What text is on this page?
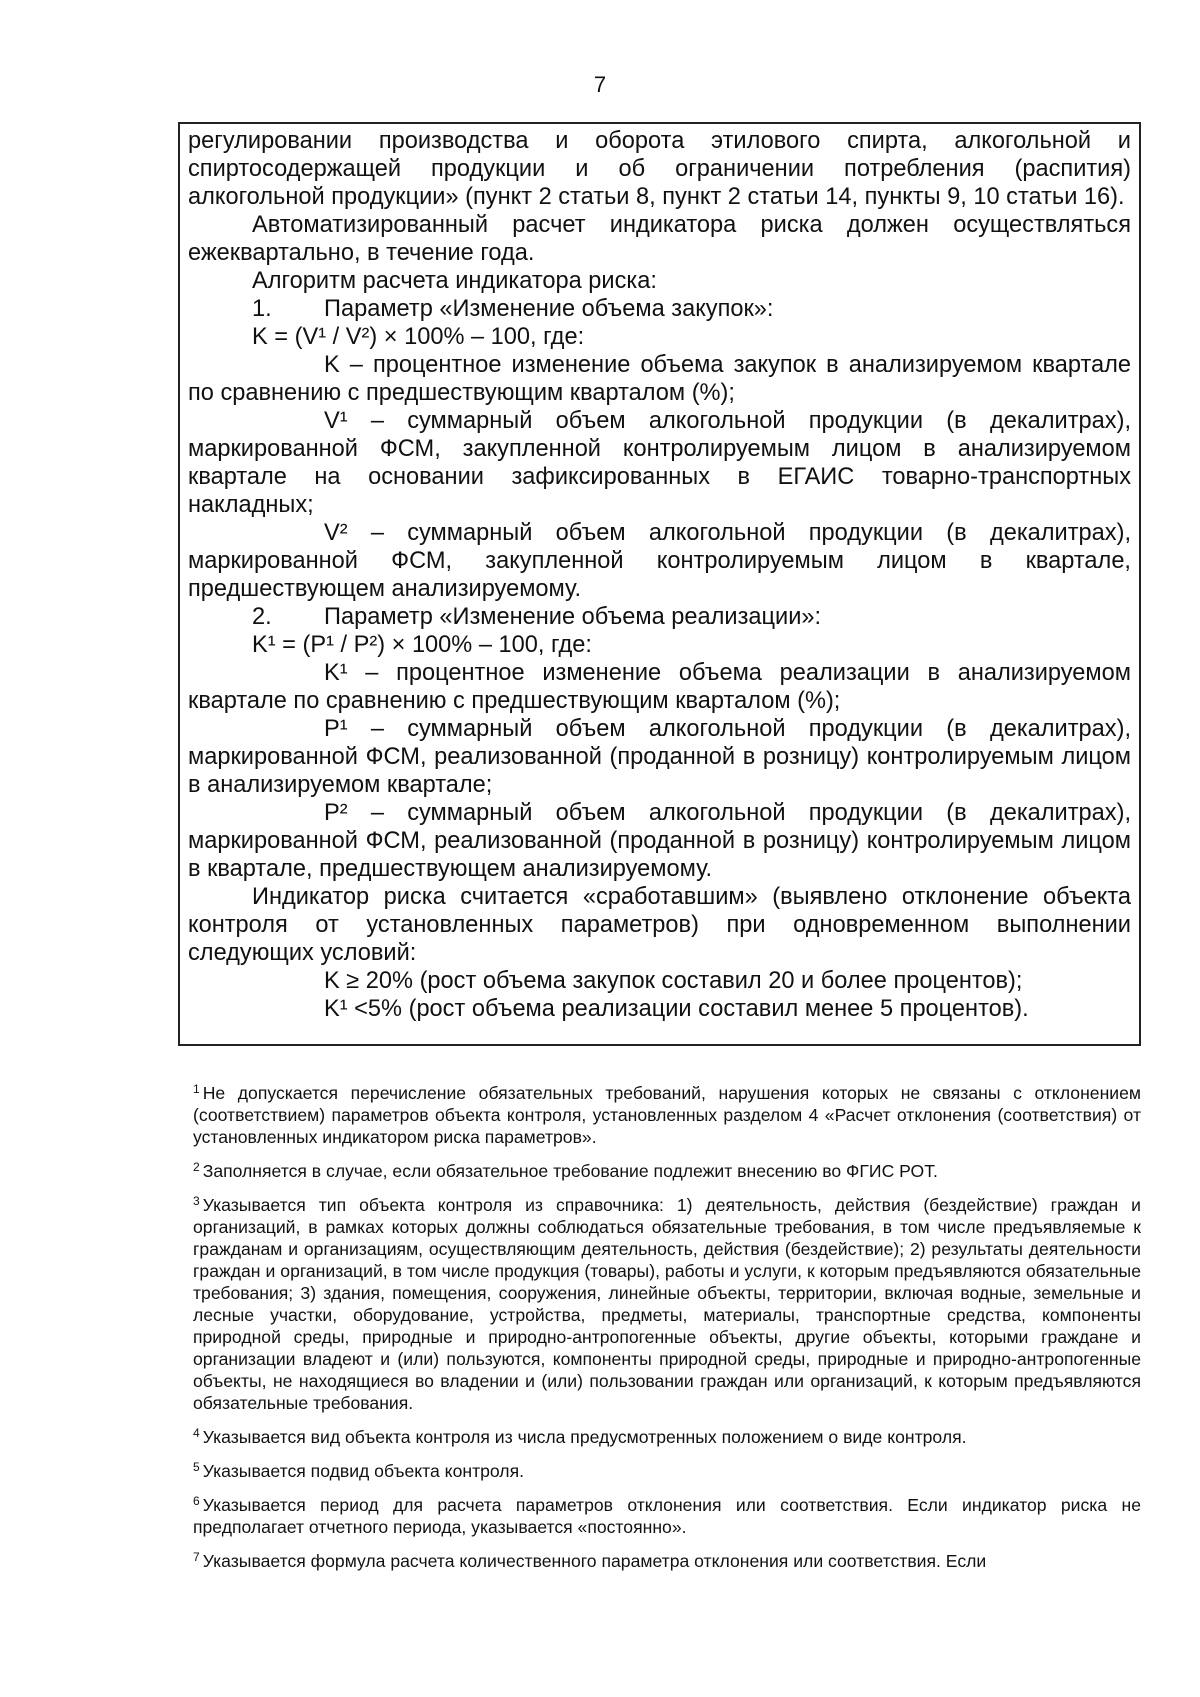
7

регулировании производства и оборота этилового спирта, алкогольной и спиртосодержащей продукции и об ограничении потребления (распития) алкогольной продукции» (пункт 2 статьи 8, пункт 2 статьи 14, пункты 9, 10 статьи 16).

Автоматизированный расчет индикатора риска должен осуществляться ежеквартально, в течение года.

Алгоритм расчета индикатора риска:

1. Параметр «Изменение объема закупок»:

K = (V¹ / V²) × 100% – 100, где:

K – процентное изменение объема закупок в анализируемом квартале по сравнению с предшествующим кварталом (%);

V¹ – суммарный объем алкогольной продукции (в декалитрах), маркированной ФСМ, закупленной контролируемым лицом в анализируемом квартале на основании зафиксированных в ЕГАИС товарно-транспортных накладных;

V² – суммарный объем алкогольной продукции (в декалитрах), маркированной ФСМ, закупленной контролируемым лицом в квартале, предшествующем анализируемому.

2. Параметр «Изменение объема реализации»:

K¹ = (P¹ / P²) × 100% – 100, где:

K¹ – процентное изменение объема реализации в анализируемом квартале по сравнению с предшествующим кварталом (%);

P¹ – суммарный объем алкогольной продукции (в декалитрах), маркированной ФСМ, реализованной (проданной в розницу) контролируемым лицом в анализируемом квартале;

P² – суммарный объем алкогольной продукции (в декалитрах), маркированной ФСМ, реализованной (проданной в розницу) контролируемым лицом в квартале, предшествующем анализируемому.

Индикатор риска считается «сработавшим» (выявлено отклонение объекта контроля от установленных параметров) при одновременном выполнении следующих условий:

K ≥ 20% (рост объема закупок составил 20 и более процентов);

K¹ <5% (рост объема реализации составил менее 5 процентов).

$^1$ Не допускается перечисление обязательных требований, нарушения которых не связаны с отклонением (соответствием) параметров объекта контроля, установленных разделом 4 «Расчет отклонения (соответствия) от установленных индикатором риска параметров».

$^2$ Заполняется в случае, если обязательное требование подлежит внесению во ФГИС РОТ.

$^3$ Указывается тип объекта контроля из справочника: 1) деятельность, действия (бездействие) граждан и организаций, в рамках которых должны соблюдаться обязательные требования, в том числе предъявляемые к гражданам и организациям, осуществляющим деятельность, действия (бездействие); 2) результаты деятельности граждан и организаций, в том числе продукция (товары), работы и услуги, к которым предъявляются обязательные требования; 3) здания, помещения, сооружения, линейные объекты, территории, включая водные, земельные и лесные участки, оборудование, устройства, предметы, материалы, транспортные средства, компоненты природной среды, природные и природно-антропогенные объекты, другие объекты, которыми граждане и организации владеют и (или) пользуются, компоненты природной среды, природные и природно-антропогенные объекты, не находящиеся во владении и (или) пользовании граждан или организаций, к которым предъявляются обязательные требования.

$^4$ Указывается вид объекта контроля из числа предусмотренных положением о виде контроля.

$^5$ Указывается подвид объекта контроля.

$^6$ Указывается период для расчета параметров отклонения или соответствия. Если индикатор риска не предполагает отчетного периода, указывается «постоянно».

$^7$ Указывается формула расчета количественного параметра отклонения или соответствия. Если
